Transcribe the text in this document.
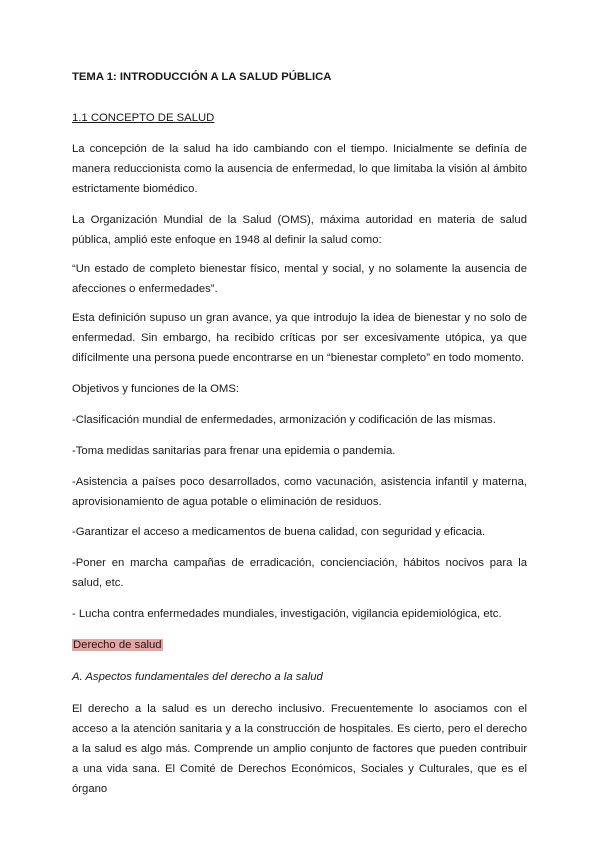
TEMA 1: INTRODUCCIÓN A LA SALUD PÚBLICA

1.1 CONCEPTO DE SALUD

La concepción de la salud ha ido cambiando con el tiempo. Inicialmente se definía de manera reduccionista como la ausencia de enfermedad, lo que limitaba la visión al ámbito estrictamente biomédico.

La Organización Mundial de la Salud (OMS), máxima autoridad en materia de salud pública, amplió este enfoque en 1948 al definir la salud como:

“Un estado de completo bienestar físico, mental y social, y no solamente la ausencia de afecciones o enfermedades”.

Esta definición supuso un gran avance, ya que introdujo la idea de bienestar y no solo de enfermedad. Sin embargo, ha recibido críticas por ser excesivamente utópica, ya que difícilmente una persona puede encontrarse en un “bienestar completo” en todo momento.

Objetivos y funciones de la OMS:

-Clasificación mundial de enfermedades, armonización y codificación de las mismas.

-Toma medidas sanitarias para frenar una epidemia o pandemia.

-Asistencia a países poco desarrollados, como vacunación, asistencia infantil y materna, aprovisionamiento de agua potable o eliminación de residuos.

-Garantizar el acceso a medicamentos de buena calidad, con seguridad y eficacia.

-Poner en marcha campañas de erradicación, concienciación, hábitos nocivos para la salud, etc.

- Lucha contra enfermedades mundiales, investigación, vigilancia epidemiológica, etc.

Derecho de salud

A. Aspectos fundamentales del derecho a la salud

El derecho a la salud es un derecho inclusivo. Frecuentemente lo asociamos con el acceso a la atención sanitaria y a la construcción de hospitales. Es cierto, pero el derecho a la salud es algo más. Comprende un amplio conjunto de factores que pueden contribuir a una vida sana. El Comité de Derechos Económicos, Sociales y Culturales, que es el órgano
